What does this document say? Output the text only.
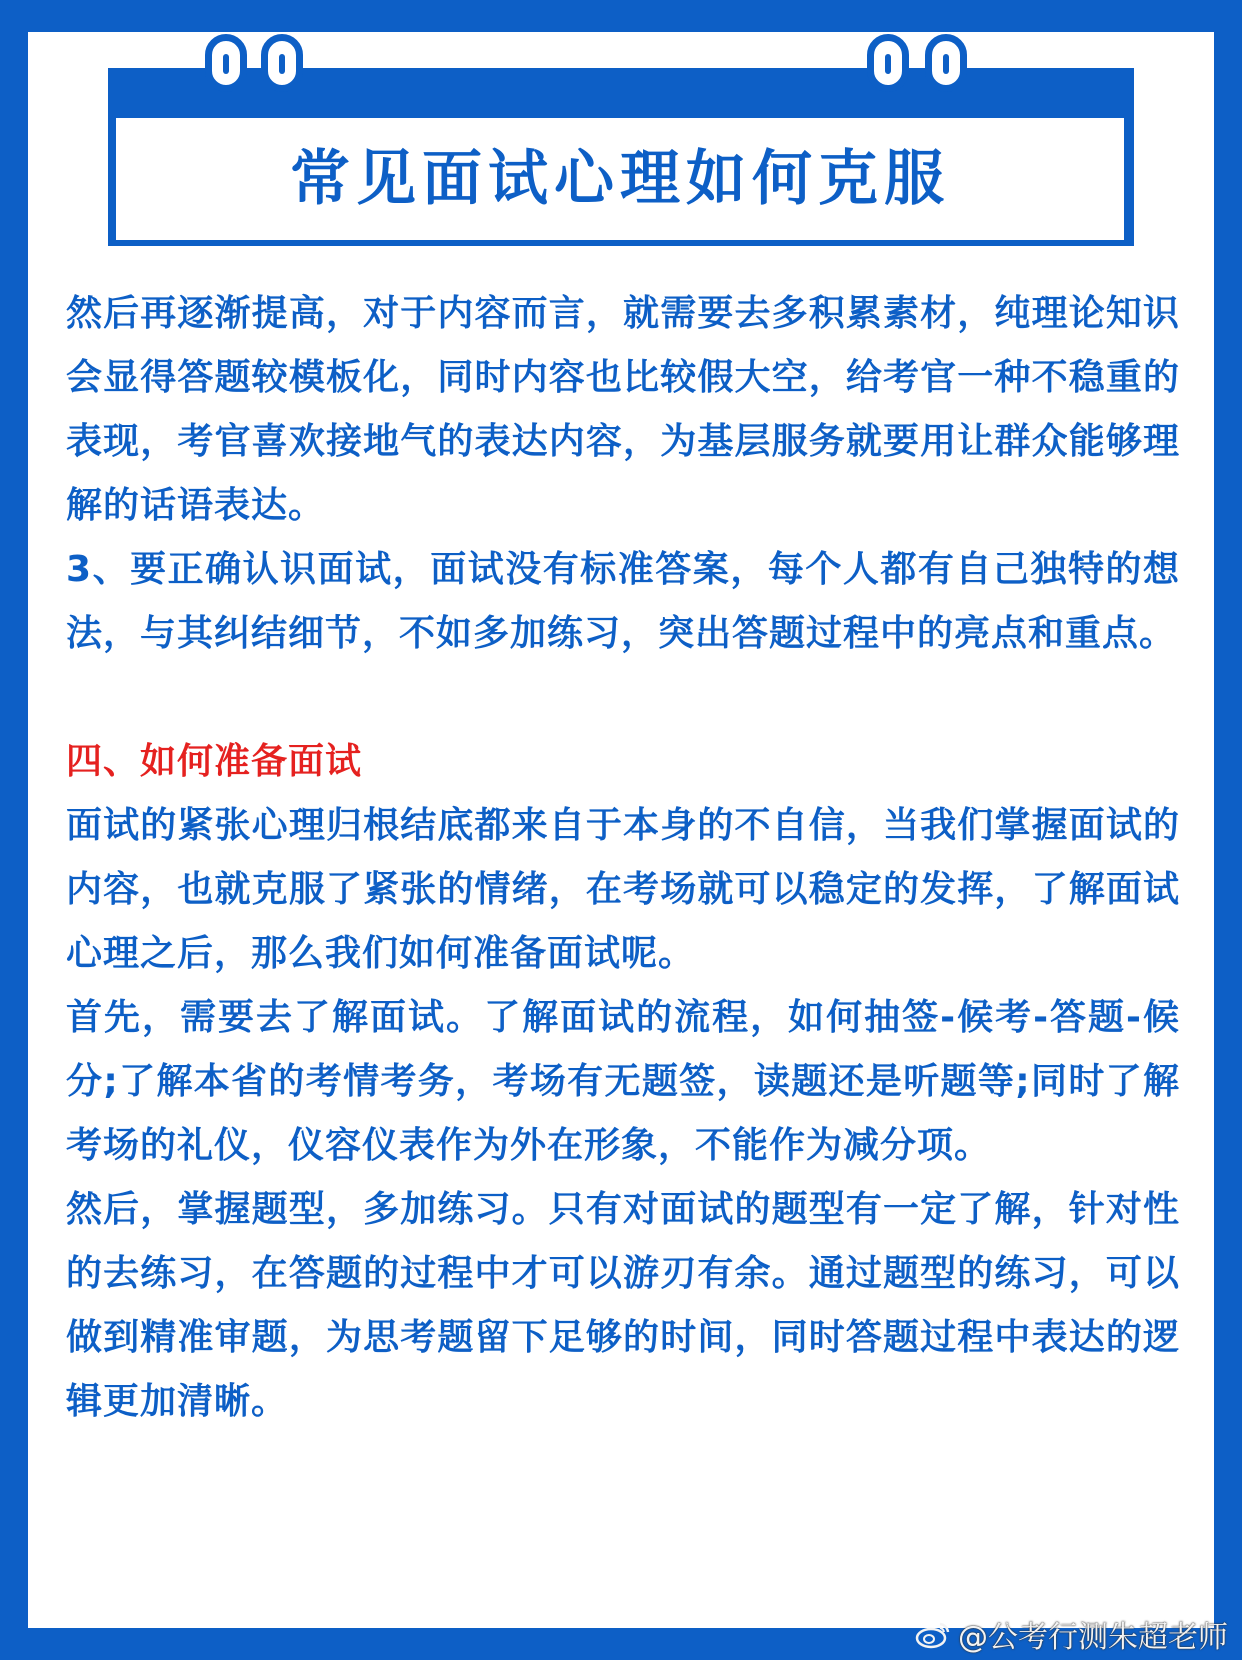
常见面试心理如何克服

然后再逐渐提高，对于内容而言，就需要去多积累素材，纯理论知识会显得答题较模板化，同时内容也比较假大空，给考官一种不稳重的表现，考官喜欢接地气的表达内容，为基层服务就要用让群众能够理解的话语表达。

3、要正确认识面试，面试没有标准答案，每个人都有自己独特的想法，与其纠结细节，不如多加练习，突出答题过程中的亮点和重点。

四、如何准备面试

面试的紧张心理归根结底都来自于本身的不自信，当我们掌握面试的内容，也就克服了紧张的情绪，在考场就可以稳定的发挥，了解面试心理之后，那么我们如何准备面试呢。

首先，需要去了解面试。了解面试的流程，如何抽签-候考-答题-候分;了解本省的考情考务，考场有无题签，读题还是听题等;同时了解考场的礼仪，仪容仪表作为外在形象，不能作为减分项。

然后，掌握题型，多加练习。只有对面试的题型有一定了解，针对性的去练习，在答题的过程中才可以游刃有余。通过题型的练习，可以做到精准审题，为思考题留下足够的时间，同时答题过程中表达的逻辑更加清晰。

@公考行测朱超老师
